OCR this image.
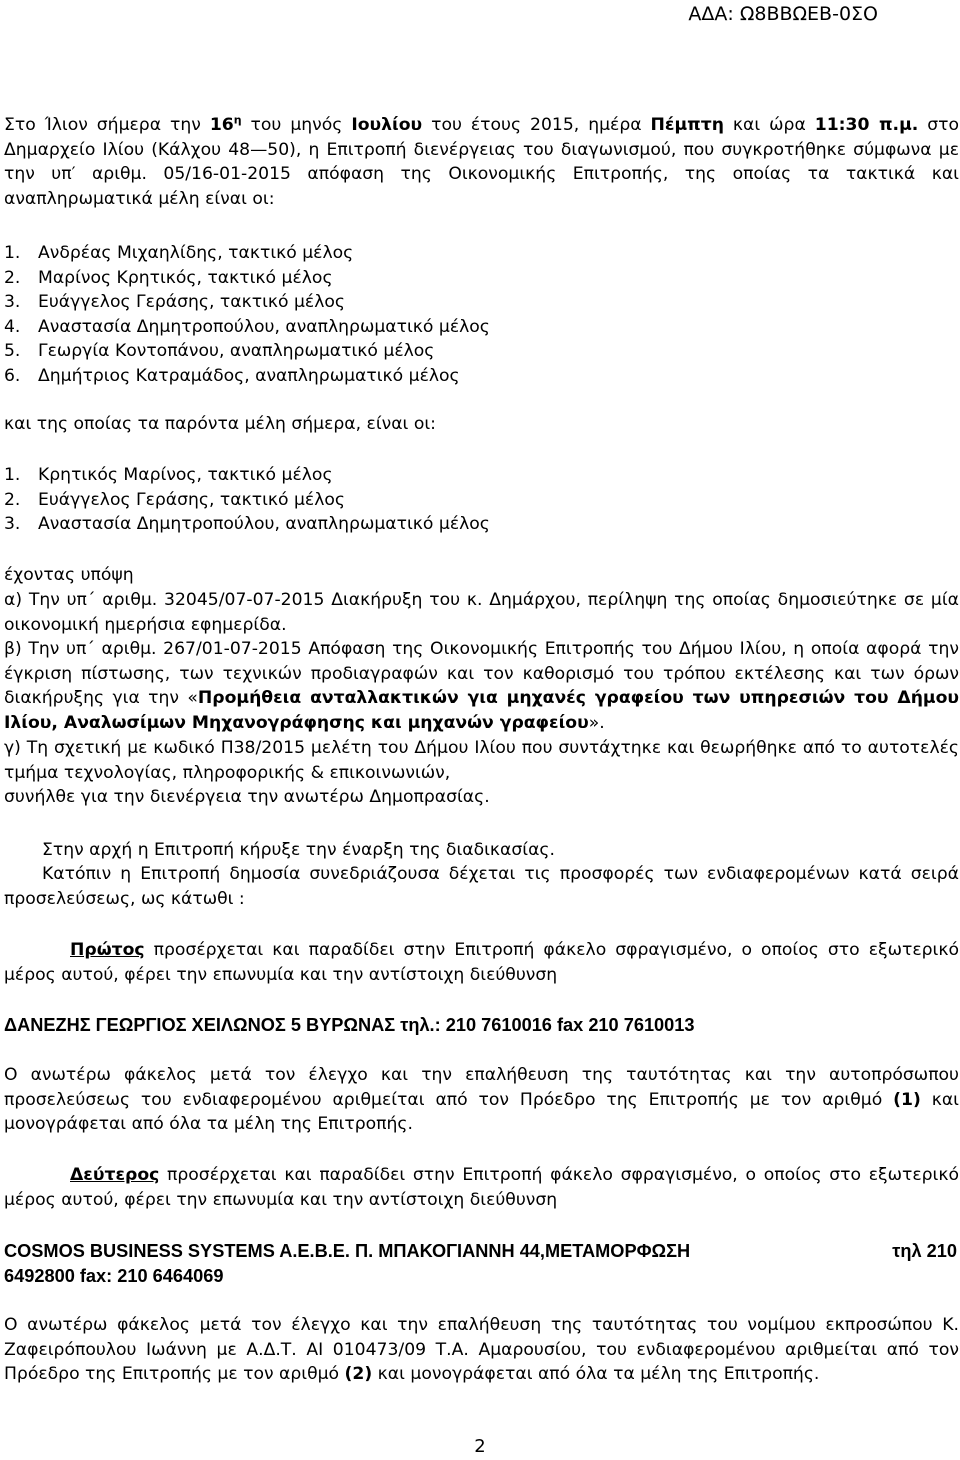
ΑΔΑ: Ω8ΒΒΩΕΒ-0ΣΟ
Στο Ίλιον σήμερα την $16^\eta$ του μηνός Ιουλίου του έτους 2015, ημέρα Πέμπτη και ώρα 11:30 π.μ. στο Δημαρχείο Ιλίου (Κάλχου 48—50), η Επιτροπή διενέργειας του διαγωνισμού, που συγκροτήθηκε σύμφωνα με την υπ′ αριθμ. 05/16-01-2015 απόφαση της Οικονομικής Επιτροπής, της οποίας τα τακτικά και αναπληρωματικά μέλη είναι οι:
1. Ανδρέας Μιχαηλίδης, τακτικό μέλος
2. Μαρίνος Κρητικός, τακτικό μέλος
3. Ευάγγελος Γεράσης, τακτικό μέλος
4. Αναστασία Δημητροπούλου, αναπληρωματικό μέλος
5. Γεωργία Κοντοπάνου, αναπληρωματικό μέλος
6. Δημήτριος Κατραμάδος, αναπληρωματικό μέλος
και της οποίας τα παρόντα μέλη σήμερα, είναι οι:
1. Κρητικός Μαρίνος, τακτικό μέλος
2. Ευάγγελος Γεράσης, τακτικό μέλος
3. Αναστασία Δημητροπούλου, αναπληρωματικό μέλος
έχοντας υπόψη
α) Την υπ΄ αριθμ. 32045/07-07-2015 Διακήρυξη του κ. Δημάρχου, περίληψη της οποίας δημοσιεύτηκε σε μία οικονομική ημερήσια εφημερίδα.
β) Την υπ΄ αριθμ. 267/01-07-2015 Απόφαση της Οικονομικής Επιτροπής του Δήμου Ιλίου, η οποία αφορά την έγκριση πίστωσης, των τεχνικών προδιαγραφών και τον καθορισμό του τρόπου εκτέλεσης και των όρων διακήρυξης για την «Προμήθεια ανταλλακτικών για μηχανές γραφείου των υπηρεσιών του Δήμου Ιλίου, Αναλωσίμων Μηχανογράφησης και μηχανών γραφείου».
γ) Τη σχετική με κωδικό Π38/2015 μελέτη του Δήμου Ιλίου που συντάχτηκε και θεωρήθηκε από το αυτοτελές τμήμα τεχνολογίας, πληροφορικής & επικοινωνιών,
συνήλθε για την διενέργεια την ανωτέρω Δημοπρασίας.
Στην αρχή η Επιτροπή κήρυξε την έναρξη της διαδικασίας.
Κατόπιν η Επιτροπή δημοσία συνεδριάζουσα δέχεται τις προσφορές των ενδιαφερομένων κατά σειρά προσελεύσεως, ως κάτωθι :
Πρώτος προσέρχεται και παραδίδει στην Επιτροπή φάκελο σφραγισμένο, ο οποίος στο εξωτερικό μέρος αυτού, φέρει την επωνυμία και την αντίστοιχη διεύθυνση
ΔΑΝΕΖΗΣ ΓΕΩΡΓΙΟΣ ΧΕΙΛΩΝΟΣ 5 ΒΥΡΩΝΑΣ τηλ.: 210 7610016 fax 210 7610013
Ο ανωτέρω φάκελος μετά τον έλεγχο και την επαλήθευση της ταυτότητας και την αυτοπρόσωπου προσελεύσεως του ενδιαφερομένου αριθμείται από τον Πρόεδρο της Επιτροπής με τον αριθμό (1) και μονογράφεται από όλα τα μέλη της Επιτροπής.
Δεύτερος προσέρχεται και παραδίδει στην Επιτροπή φάκελο σφραγισμένο, ο οποίος στο εξωτερικό μέρος αυτού, φέρει την επωνυμία και την αντίστοιχη διεύθυνση
COSMOS BUSINESS SYSTEMS A.E.B.E. Π. ΜΠΑΚΟΓΙΑΝΝΗ 44,ΜΕΤΑΜΟΡΦΩΣΗ	τηλ 210
6492800 fax: 210 6464069
Ο ανωτέρω φάκελος μετά τον έλεγχο και την επαλήθευση της ταυτότητας του νομίμου εκπροσώπου Κ. Ζαφειρόπουλου Ιωάννη με Α.Δ.Τ. ΑΙ 010473/09 Τ.Α. Αμαρουσίου, του ενδιαφερομένου αριθμείται από τον Πρόεδρο της Επιτροπής με τον αριθμό (2) και μονογράφεται από όλα τα μέλη της Επιτροπής.
2
